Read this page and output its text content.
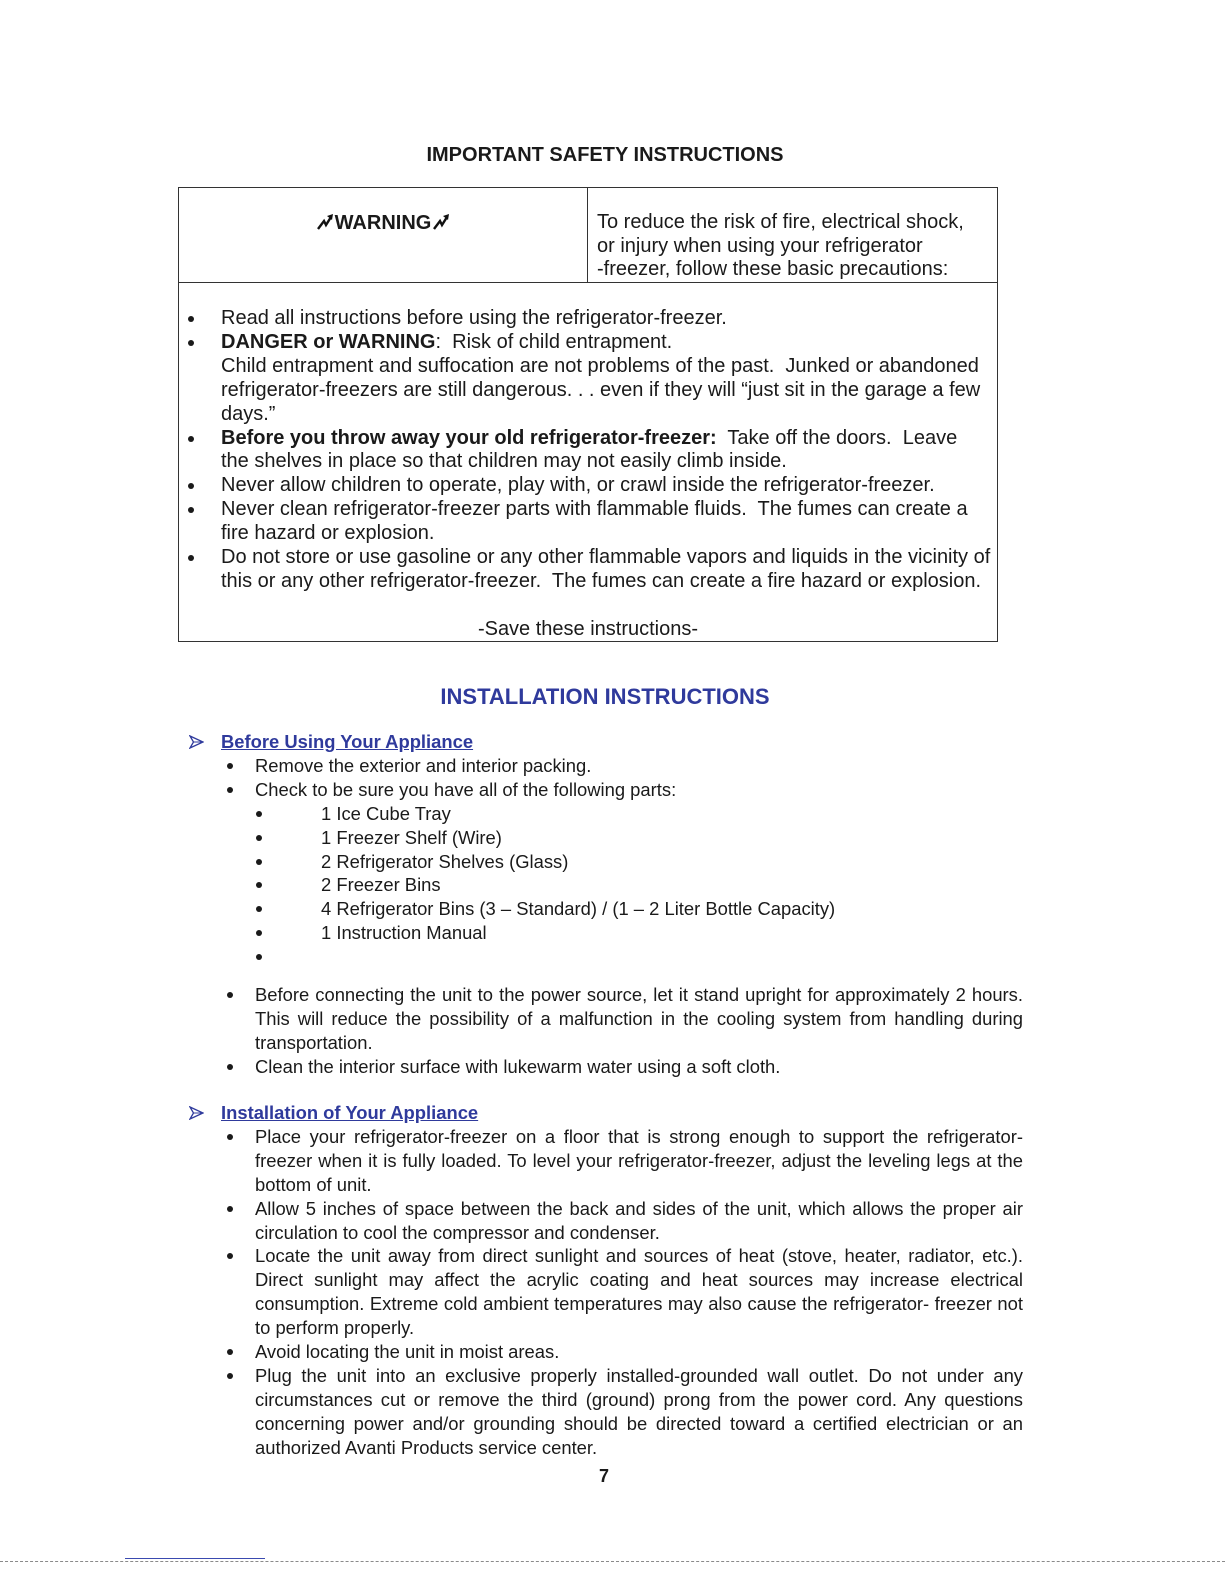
IMPORTANT SAFETY INSTRUCTIONS
WARNING	To reduce the risk of fire, electrical shock,
or injury when using your refrigerator
-freezer, follow these basic precautions:
Read all instructions before using the refrigerator-freezer.
DANGER or WARNING:  Risk of child entrapment.
Child entrapment and suffocation are not problems of the past.  Junked or abandoned
refrigerator-freezers are still dangerous. . . even if they will “just sit in the garage a few
days.”
Before you throw away your old refrigerator-freezer:  Take off the doors.  Leave
the shelves in place so that children may not easily climb inside.
Never allow children to operate, play with, or crawl inside the refrigerator-freezer.
Never clean refrigerator-freezer parts with flammable fluids.  The fumes can create a
fire hazard or explosion.
Do not store or use gasoline or any other flammable vapors and liquids in the vicinity of
this or any other refrigerator-freezer.  The fumes can create a fire hazard or explosion.
-Save these instructions-
INSTALLATION INSTRUCTIONS
Before Using Your Appliance
Remove the exterior and interior packing.
Check to be sure you have all of the following parts:
1 Ice Cube Tray
1 Freezer Shelf (Wire)
2 Refrigerator Shelves (Glass)
2 Freezer Bins
4 Refrigerator Bins (3 – Standard) / (1 – 2 Liter Bottle Capacity)
1 Instruction Manual
Before connecting the unit to the power source, let it stand upright for approximately 2 hours.
This will reduce the possibility of a malfunction in the cooling system from handling during
transportation.
Clean the interior surface with lukewarm water using a soft cloth.
Installation of Your Appliance
Place your refrigerator-freezer on a floor that is strong enough to support the refrigerator-
freezer when it is fully loaded. To level your refrigerator-freezer, adjust the leveling legs at the
bottom of unit.
Allow 5 inches of space between the back and sides of the unit, which allows the proper air
circulation to cool the compressor and condenser.
Locate the unit away from direct sunlight and sources of heat (stove, heater, radiator, etc.).
Direct sunlight may affect the acrylic coating and heat sources may increase electrical
consumption. Extreme cold ambient temperatures may also cause the refrigerator- freezer not
to perform properly.
Avoid locating the unit in moist areas.
Plug the unit into an exclusive properly installed-grounded wall outlet. Do not under any
circumstances cut or remove the third (ground) prong from the power cord. Any questions
concerning power and/or grounding should be directed toward a certified electrician or an
authorized Avanti Products service center.
7
